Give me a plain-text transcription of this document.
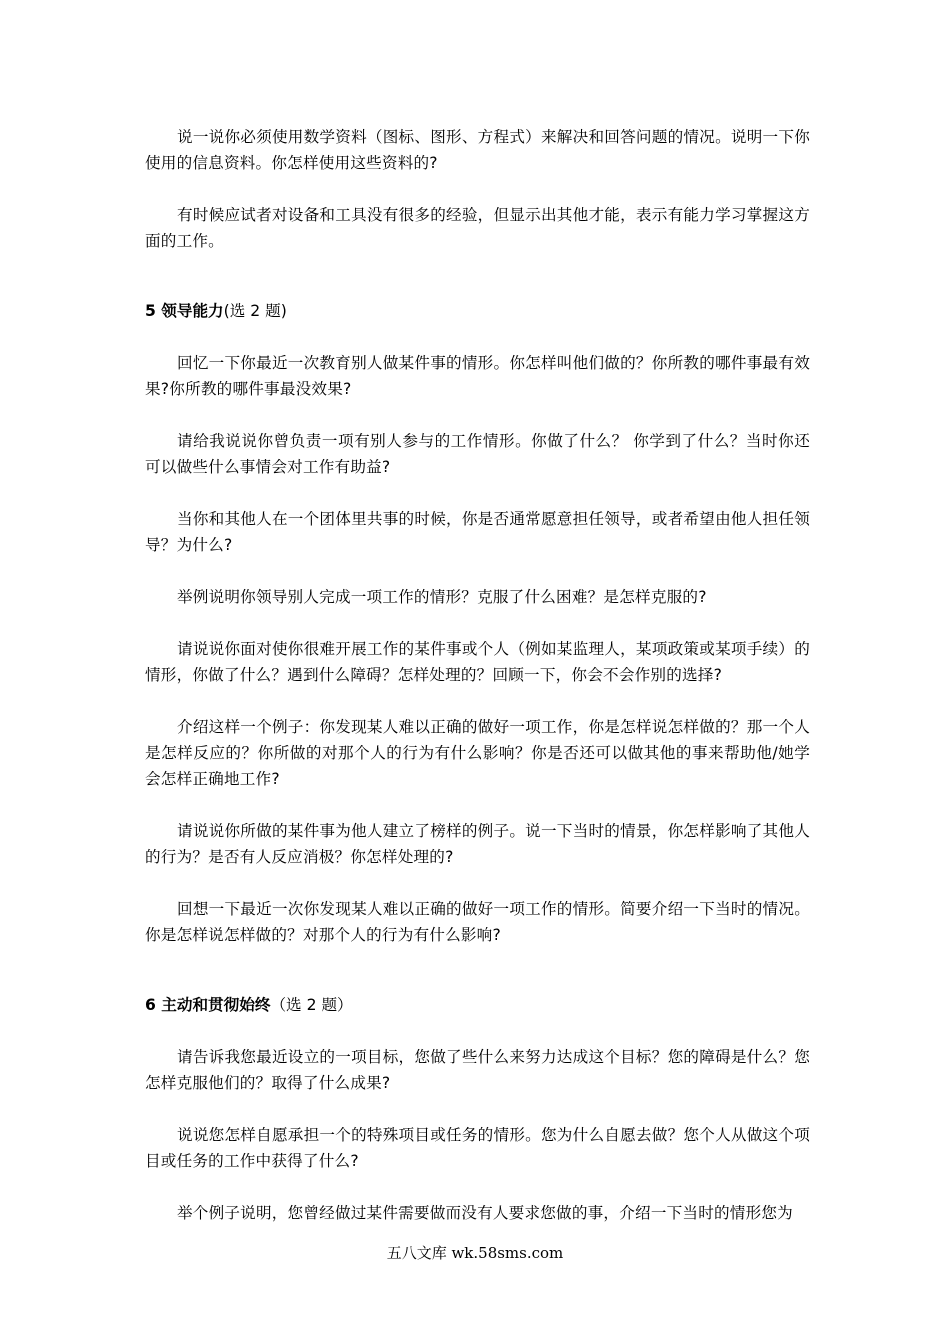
说一说你必须使用数学资料（图标、图形、方程式）来解决和回答问题的情况。说明一下你使用的信息资料。你怎样使用这些资料的?

有时候应试者对设备和工具没有很多的经验，但显示出其他才能，表示有能力学习掌握这方面的工作。

5 领导能力(选 2 题)

回忆一下你最近一次教育别人做某件事的情形。你怎样叫他们做的？你所教的哪件事最有效果?你所教的哪件事最没效果?

请给我说说你曾负责一项有别人参与的工作情形。你做了什么？ 你学到了什么？当时你还可以做些什么事情会对工作有助益?

当你和其他人在一个团体里共事的时候，你是否通常愿意担任领导，或者希望由他人担任领导？为什么?

举例说明你领导别人完成一项工作的情形？克服了什么困难？是怎样克服的?

请说说你面对使你很难开展工作的某件事或个人（例如某监理人，某项政策或某项手续）的情形，你做了什么？遇到什么障碍？怎样处理的？回顾一下，你会不会作别的选择?

介绍这样一个例子：你发现某人难以正确的做好一项工作，你是怎样说怎样做的？那一个人是怎样反应的？你所做的对那个人的行为有什么影响？你是否还可以做其他的事来帮助他/她学会怎样正确地工作?

请说说你所做的某件事为他人建立了榜样的例子。说一下当时的情景，你怎样影响了其他人的行为？是否有人反应消极？你怎样处理的?

回想一下最近一次你发现某人难以正确的做好一项工作的情形。简要介绍一下当时的情况。你是怎样说怎样做的？对那个人的行为有什么影响?

6 主动和贯彻始终（选 2 题）

请告诉我您最近设立的一项目标，您做了些什么来努力达成这个目标？您的障碍是什么？您怎样克服他们的？取得了什么成果?

说说您怎样自愿承担一个的特殊项目或任务的情形。您为什么自愿去做？您个人从做这个项目或任务的工作中获得了什么?

举个例子说明，您曾经做过某件需要做而没有人要求您做的事，介绍一下当时的情形您为

五八文库 wk.58sms.com
